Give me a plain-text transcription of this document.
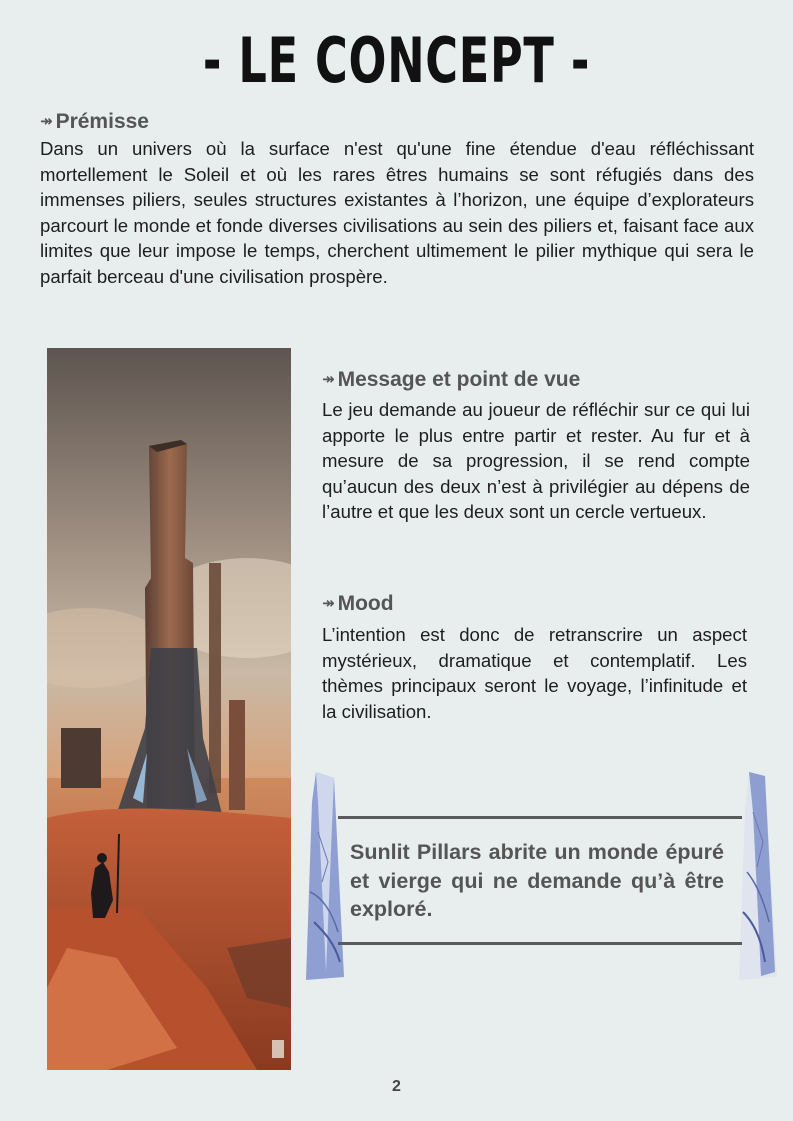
- LE CONCEPT -
↠ Prémisse
Dans un univers où la surface n'est qu'une fine étendue d'eau réfléchissant mortellement le Soleil et où les rares êtres humains se sont réfugiés dans des immenses piliers, seules structures existantes à l’horizon, une équipe d’explorateurs parcourt le monde et fonde diverses civilisations au sein des piliers et, faisant face aux limites que leur impose le temps, cherchent ultimement le pilier mythique qui sera le parfait berceau d'une civilisation prospère.
↠ Message et point de vue
Le jeu demande au joueur de réfléchir sur ce qui lui apporte le plus entre partir et rester. Au fur et à mesure de sa progression, il se rend compte qu’aucun des deux n’est à privilégier au dépens de l’autre et que les deux sont un cercle vertueux.
↠ Mood
L’intention est donc de retranscrire un aspect mystérieux, dramatique et contemplatif. Les thèmes principaux seront le voyage, l’infinitude et la civilisation.
Sunlit Pillars abrite un monde épuré et vierge qui ne demande qu’à être exploré.
2
